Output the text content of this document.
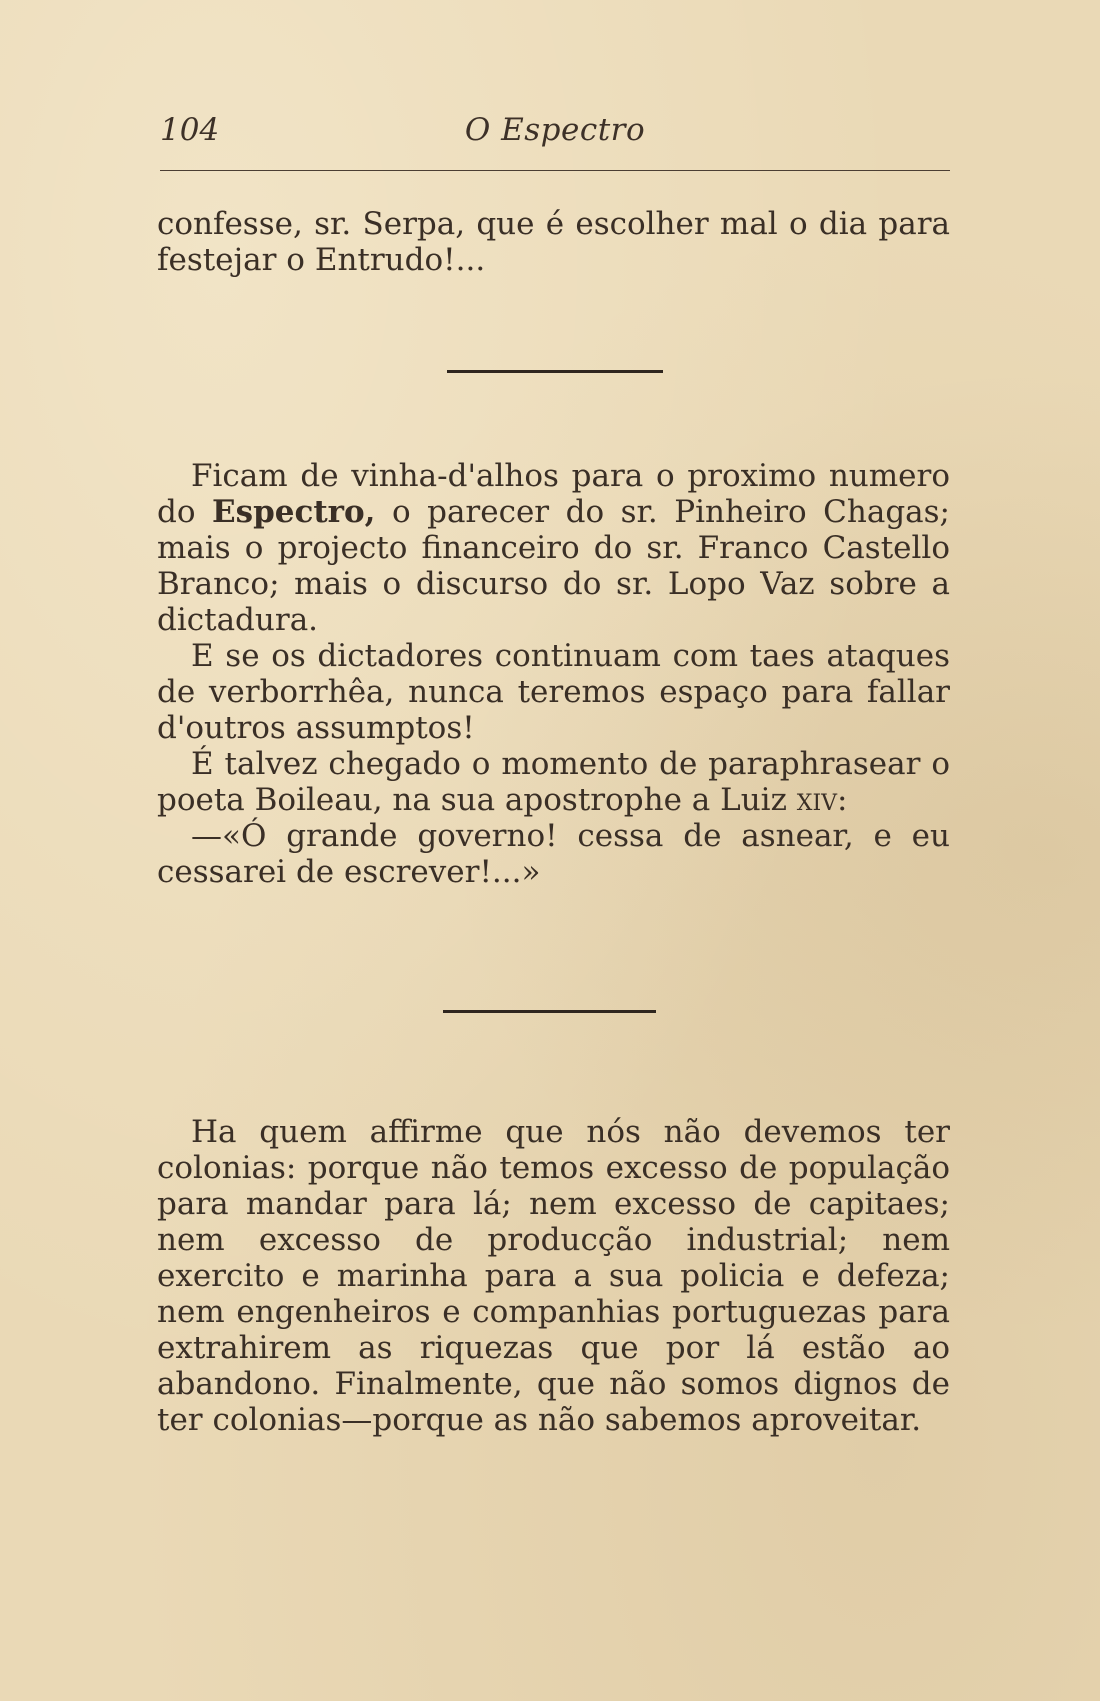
104	O Espectro

confesse, sr. Serpa, que é escolher mal o dia para

festejar o Entrudo!...

Ficam de vinha-d'alhos para o proximo numero do Espectro, o parecer do sr. Pinheiro Chagas; mais o projecto financeiro do sr. Franco Castello Branco; mais o discurso do sr. Lopo Vaz sobre a dictadura.

E se os dictadores continuam com taes ataques de verborrhêa, nunca teremos espaço para fallar d'outros assumptos!

É talvez chegado o momento de paraphrasear o poeta Boileau, na sua apostrophe a Luiz xiv:

—«Ó grande governo! cessa de asnear, e eu cessarei de escrever!...»

Ha quem affirme que nós não devemos ter colonias: porque não temos excesso de população para mandar para lá; nem excesso de capitaes; nem excesso de producção industrial; nem exercito e marinha para a sua policia e defeza; nem engenheiros e companhias portuguezas para extrahirem as riquezas que por lá estão ao abandono. Finalmente, que não somos dignos de ter colonias—porque as não sabemos aproveitar.
